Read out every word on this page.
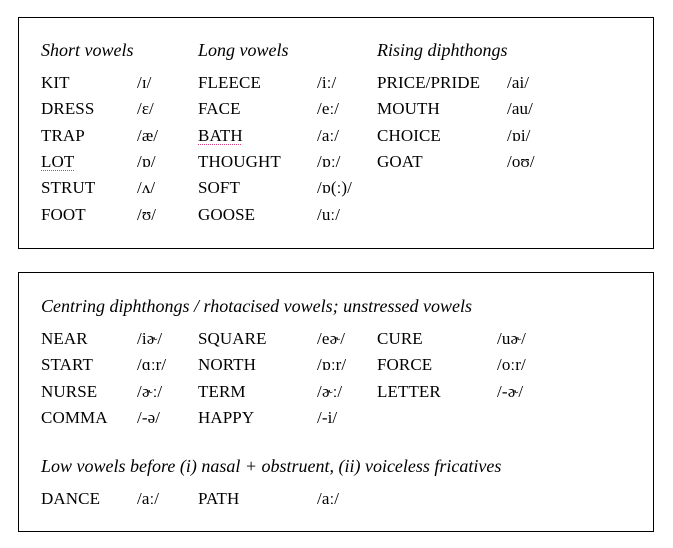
Short vowels	Long vowels	Rising diphthongs
KIT	/ɪ/	FLEECE	/iː/ PRICE/PRIDE /ai/
DRESS	/ɛ/	FACE	/eː/ MOUTH	/au/
TRAP	/æ/ BATH	/aː/ CHOICE	/ɒi/
LOT	/ɒ/ THOUGHT /ɒː/ GOAT	/oʊ/
STRUT /ʌ/	SOFT	/ɒ(ː)/
FOOT	/ʊ/ GOOSE	/uː/
Centring diphthongs / rhotacised vowels; unstressed vowels
NEAR	/iɚ/ SQUARE	/eɚ/ CURE	/uɚ/
START	/ɑːr/ NORTH	/ɒːr/ FORCE	/oːr/
NURSE /ɚː/ TERM	/ɚː/ LETTER	/-ɚ/
COMMA /-ə/ HAPPY	/-i/
Low vowels before (i) nasal + obstruent, (ii) voiceless fricatives
DANCE /aː/ PATH	/aː/
